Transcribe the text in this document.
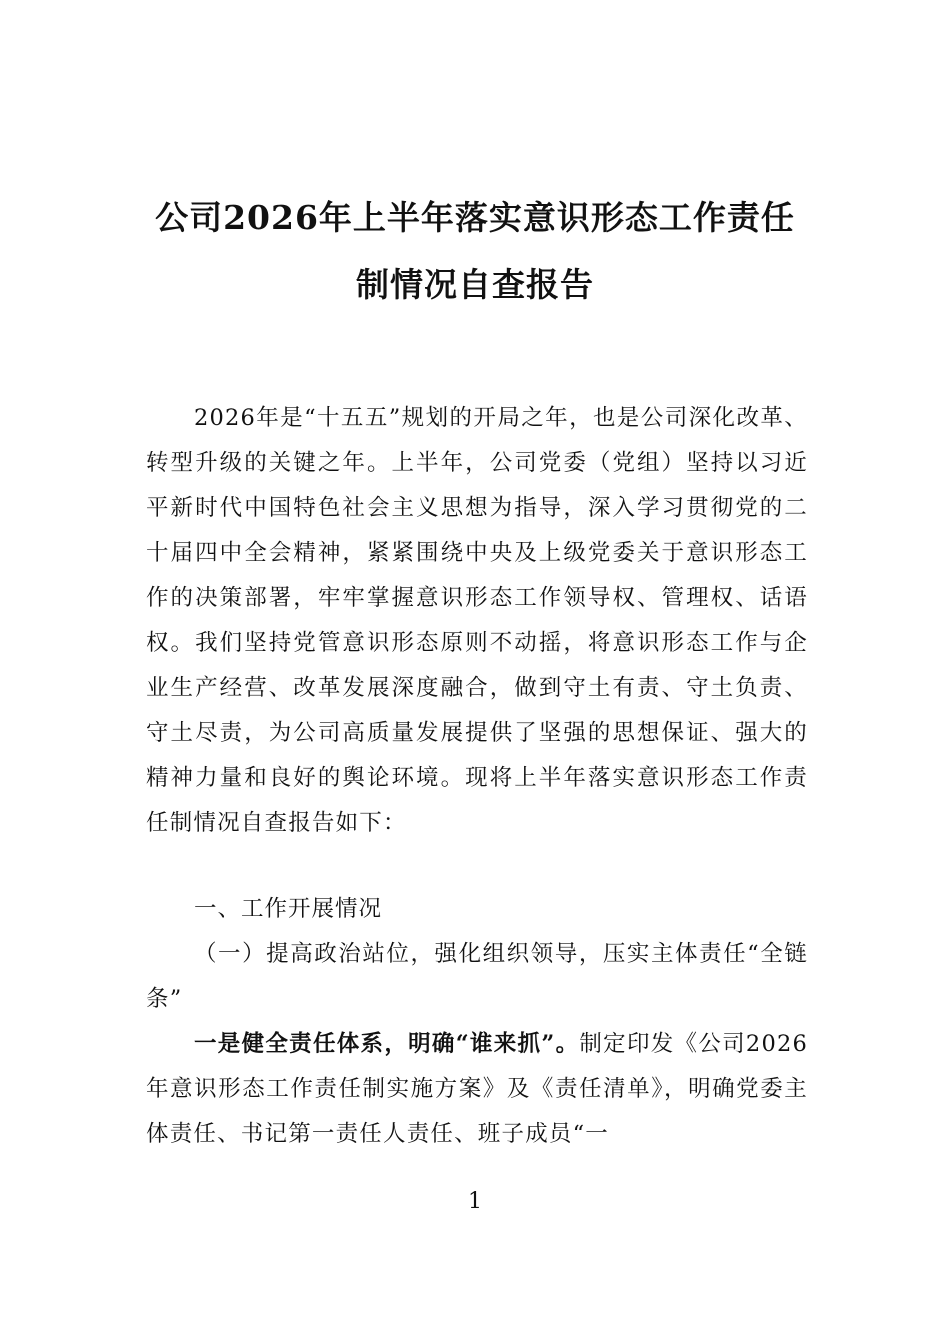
公司2026年上半年落实意识形态工作责任
制情况自查报告
2026年是“十五五”规划的开局之年，也是公司深化改革、转型升级的关键之年。上半年，公司党委（党组）坚持以习近平新时代中国特色社会主义思想为指导，深入学习贯彻党的二十届四中全会精神，紧紧围绕中央及上级党委关于意识形态工作的决策部署，牢牢掌握意识形态工作领导权、管理权、话语权。我们坚持党管意识形态原则不动摇，将意识形态工作与企业生产经营、改革发展深度融合，做到守土有责、守土负责、守土尽责，为公司高质量发展提供了坚强的思想保证、强大的精神力量和良好的舆论环境。现将上半年落实意识形态工作责任制情况自查报告如下：
一、工作开展情况
（一）提高政治站位，强化组织领导，压实主体责任“全链条”
一是健全责任体系，明确“谁来抓”。制定印发《公司2026年意识形态工作责任制实施方案》及《责任清单》，明确党委主体责任、书记第一责任人责任、班子成员“一
1
